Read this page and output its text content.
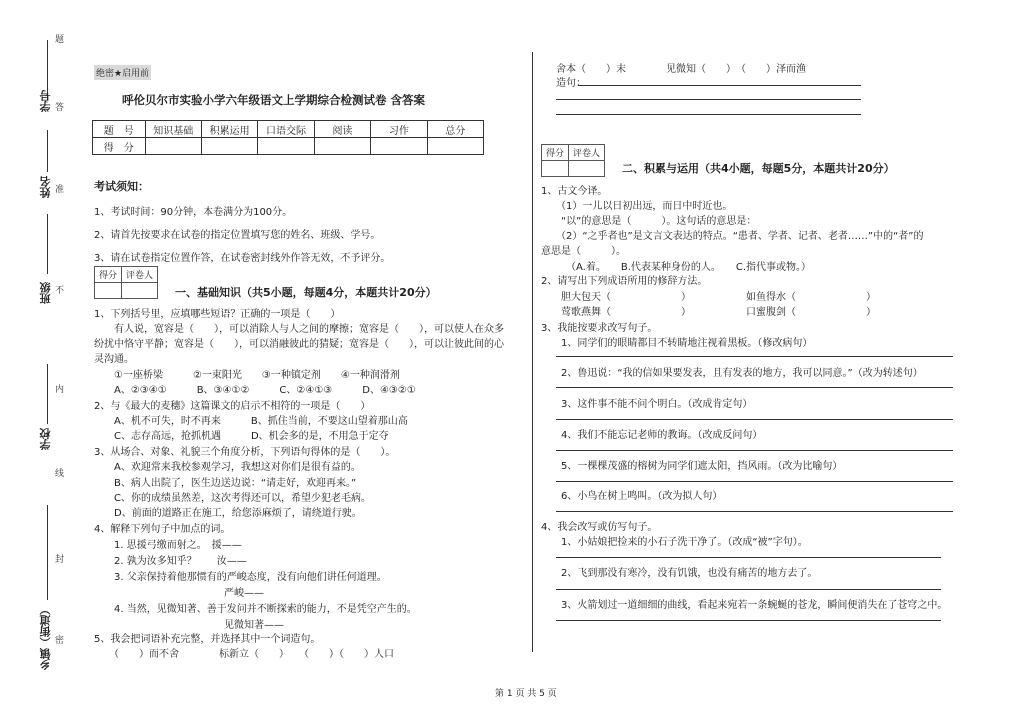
题
学号 答
姓名 准
班级 不
内
学校
线
封
乡镇（街道） 密
绝密★启用前
呼伦贝尔市实验小学六年级语文上学期综合检测试卷 含答案
题　号	知识基础	积累运用	口语交际	阅读	习作	总分
得　分						
考试须知：
1、考试时间：90分钟，本卷满分为100分。
2、请首先按要求在试卷的指定位置填写您的姓名、班级、学号。
3、请在试卷指定位置作答，在试卷密封线外作答无效，不予评分。
得分	评卷人

一、基础知识（共5小题，每题4分，本题共计20分）
1、下列括号里，应填哪些短语？正确的一项是（　　）
　　有人说，宽容是（　　），可以消除人与人之间的摩擦；宽容是（　　），可以使人在众多
纷扰中恪守平静；宽容是（　　），可以消融彼此的猜疑；宽容是（　　），可以让彼此间的心
灵沟通。
　　①一座桥梁　　　②一束阳光　　③一种镇定剂　　④一种润滑剂
　　A、②③④①　　　B、③④①②　　　C、②④①③　　　D、④③②①
2、与《最大的麦穗》这篇课文的启示不相符的一项是（　　）
　　A、机不可失，时不再来　　　B、抓住当前，不要这山望着那山高
　　C、志存高远，抢抓机遇　　　D、机会多的是，不用急于定夺
3、从场合、对象、礼貌三个角度分析，下列语句得体的是（　　）。
　　A、欢迎常来我校参观学习，我想这对你们是很有益的。
　　B、病人出院了，医生边送边说：“请走好，欢迎再来。”
　　C、你的成绩虽然差，这次考得还可以，希望少犯老毛病。
　　D、前面的道路正在施工，给您添麻烦了，请绕道行驶。
4、解释下列句子中加点的词。
　　1. 思援弓缴而射之。　援——
　　2. 孰为汝多知乎？　　汝——
　　3. 父亲保持着他那惯有的严峻态度，没有向他们讲任何道理。
　　　　　　　　　　　　　严峻——
　　4. 当然，见微知著、善于发问并不断探索的能力，不是凭空产生的。
　　　　　　　　　　　　　见微知著——
5、我会把词语补充完整，并选择其中一个词造句。
　　（　　）而不舍　　　　标新立（　　）　　（　　）（　　）人口
舍本（　　）末　　　　见微知（　　）　（　　）泽而渔
造句：
得分	评卷人

二、积累与运用（共4小题，每题5分，本题共计20分）
1、古文今译。
　　（1）一儿以日初出远，而日中时近也。
　　“以”的意思是（　　　）。这句话的意思是：
　　（2）“之乎者也”是文言文表达的特点。“患者、学者、记者、老者……”中的“者”的
意思是（　　　）。
　　　（A.着。　　B.代表某种身份的人。　　C.指代事或物。）
2、请写出下列成语所用的修辞方法。
　　胆大包天（　　　　　　　）　　　　　　如鱼得水（　　　　　　　）
　　莺歌燕舞（　　　　　　　）　　　　　　口蜜腹剑（　　　　　　　）
3、我能按要求改写句子。
　　1、同学们的眼睛都目不转睛地注视着黑板。（修改病句）
　　2、鲁迅说：“我的信如果要发表，且有发表的地方，我可以同意。”（改为转述句）
　　3、这件事不能不问个明白。（改成肯定句）
　　4、我们不能忘记老师的教诲。（改成反问句）
　　5、一棵棵茂盛的榕树为同学们遮太阳，挡风雨。（改为比喻句）
　　6、小鸟在树上鸣叫。（改为拟人句）
4、我会改写或仿写句子。
　　1、小姑娘把捡来的小石子洗干净了。（改成“被”字句）。
　　2、飞到那没有寒冷，没有饥饿，也没有痛苦的地方去了。
　　3、火箭划过一道细细的曲线，看起来宛若一条蜿蜒的苍龙，瞬间便消失在了苍穹之中。
第 1 页 共 5 页
